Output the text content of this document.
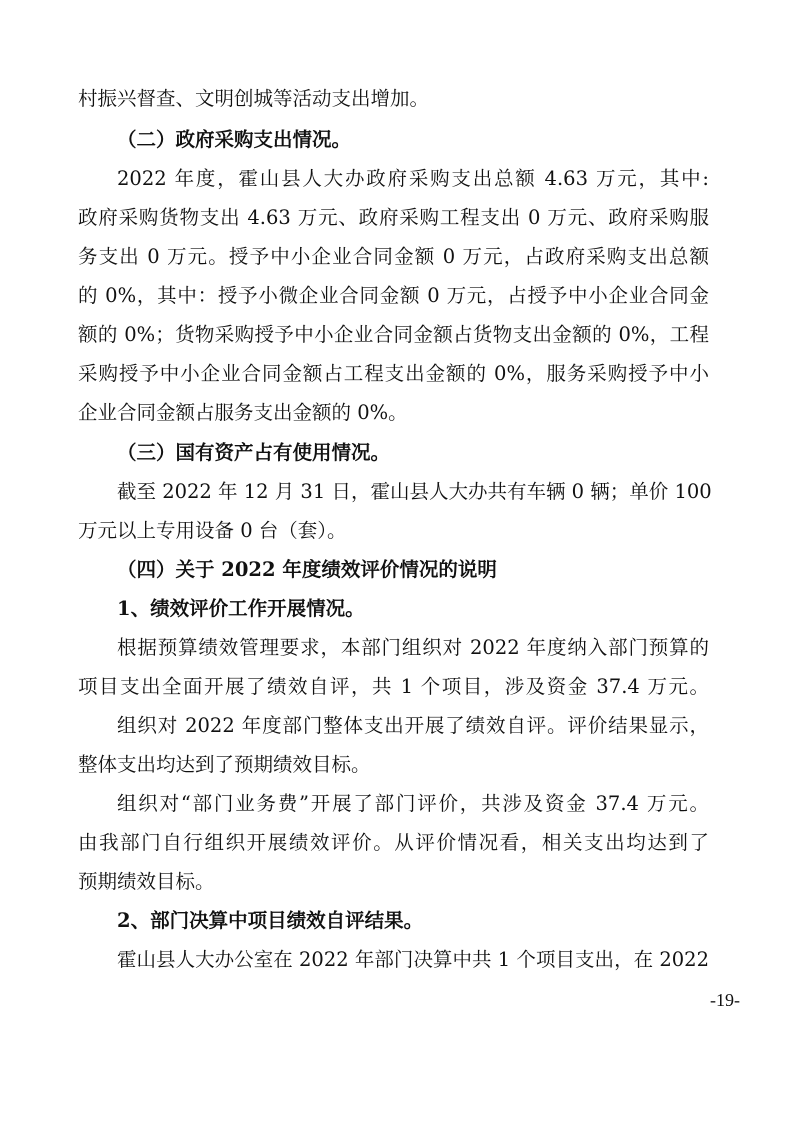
村振兴督查、文明创城等活动支出增加。
（二）政府采购支出情况。
2022 年度，霍山县人大办政府采购支出总额 4.63 万元，其中:
政府采购货物支出 4.63 万元、政府采购工程支出 0 万元、政府采购服
务支出 0 万元。授予中小企业合同金额 0 万元，占政府采购支出总额
的 0%，其中：授予小微企业合同金额 0 万元，占授予中小企业合同金
额的 0%；货物采购授予中小企业合同金额占货物支出金额的 0%，工程
采购授予中小企业合同金额占工程支出金额的 0%，服务采购授予中小
企业合同金额占服务支出金额的 0%。
（三）国有资产占有使用情况。
截至 2022 年 12 月 31 日，霍山县人大办共有车辆 0 辆；单价 100
万元以上专用设备 0 台（套）。
（四）关于 2022 年度绩效评价情况的说明
1、绩效评价工作开展情况。
根据预算绩效管理要求，本部门组织对 2022 年度纳入部门预算的
项目支出全面开展了绩效自评，共 1 个项目，涉及资金 37.4 万元。
组织对 2022 年度部门整体支出开展了绩效自评。评价结果显示，
整体支出均达到了预期绩效目标。
组织对“部门业务费”开展了部门评价，共涉及资金 37.4 万元。
由我部门自行组织开展绩效评价。从评价情况看，相关支出均达到了
预期绩效目标。
2、部门决算中项目绩效自评结果。
霍山县人大办公室在 2022 年部门决算中共 1 个项目支出，在 2022
-19-
